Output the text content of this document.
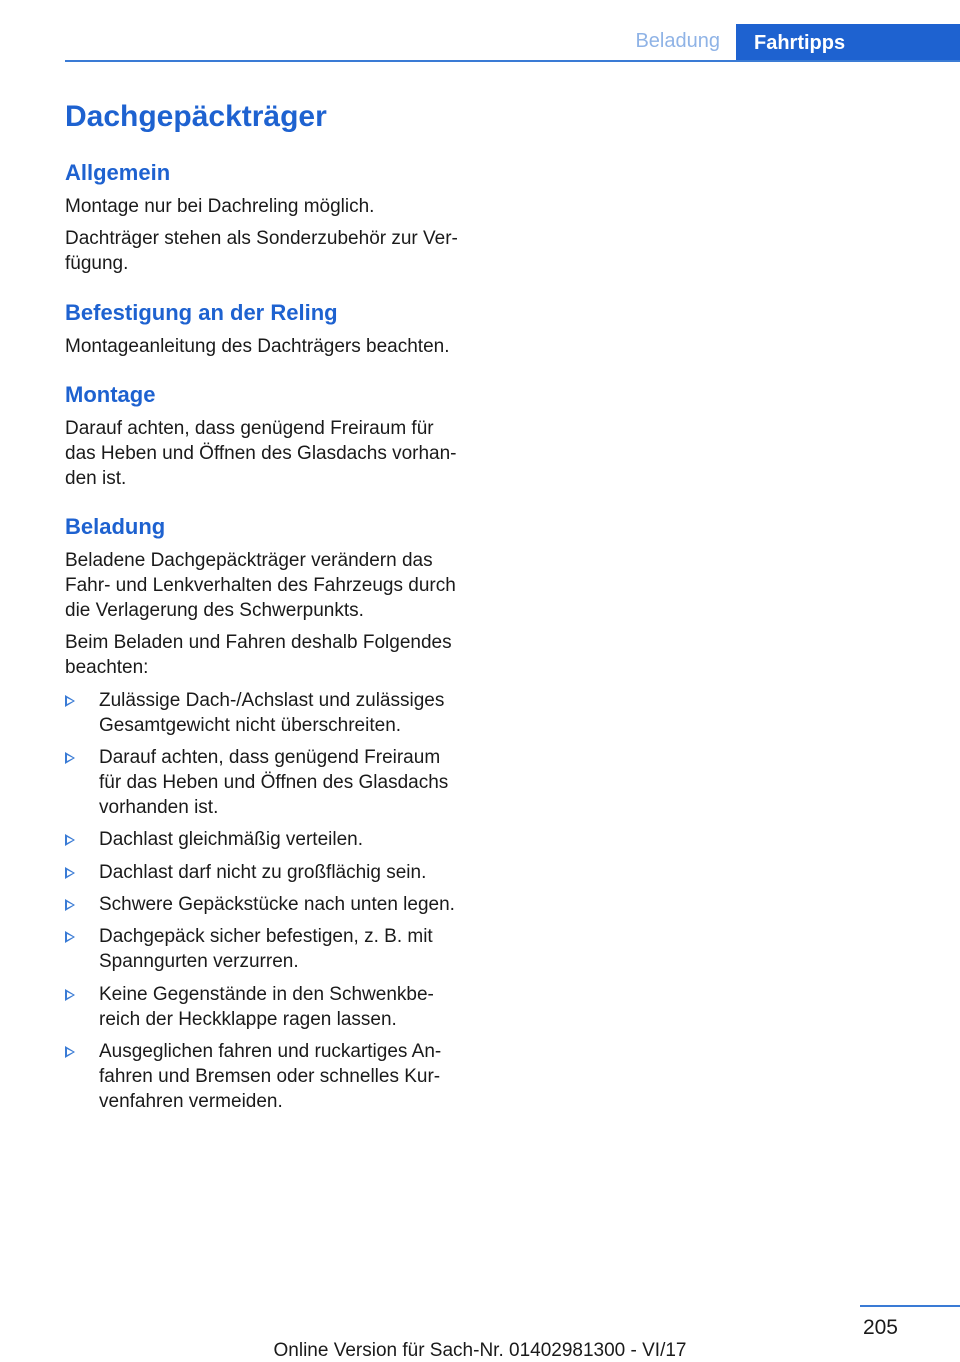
Beladung Fahrtipps
Dachgepäckträger
Allgemein
Montage nur bei Dachreling möglich.
Dachträger stehen als Sonderzubehör zur Ver-
fügung.
Befestigung an der Reling
Montageanleitung des Dachträgers beachten.
Montage
Darauf achten, dass genügend Freiraum für
das Heben und Öffnen des Glasdachs vorhan-
den ist.
Beladung
Beladene Dachgepäckträger verändern das
Fahr- und Lenkverhalten des Fahrzeugs durch
die Verlagerung des Schwerpunkts.
Beim Beladen und Fahren deshalb Folgendes
beachten:
Zulässige Dach-/Achslast und zulässiges
Gesamtgewicht nicht überschreiten.
Darauf achten, dass genügend Freiraum
für das Heben und Öffnen des Glasdachs
vorhanden ist.
Dachlast gleichmäßig verteilen.
Dachlast darf nicht zu großflächig sein.
Schwere Gepäckstücke nach unten legen.
Dachgepäck sicher befestigen, z. B. mit
Spanngurten verzurren.
Keine Gegenstände in den Schwenkbe-
reich der Heckklappe ragen lassen.
Ausgeglichen fahren und ruckartiges An-
fahren und Bremsen oder schnelles Kur-
venfahren vermeiden.
205
Online Version für Sach-Nr. 01402981300 - VI/17
